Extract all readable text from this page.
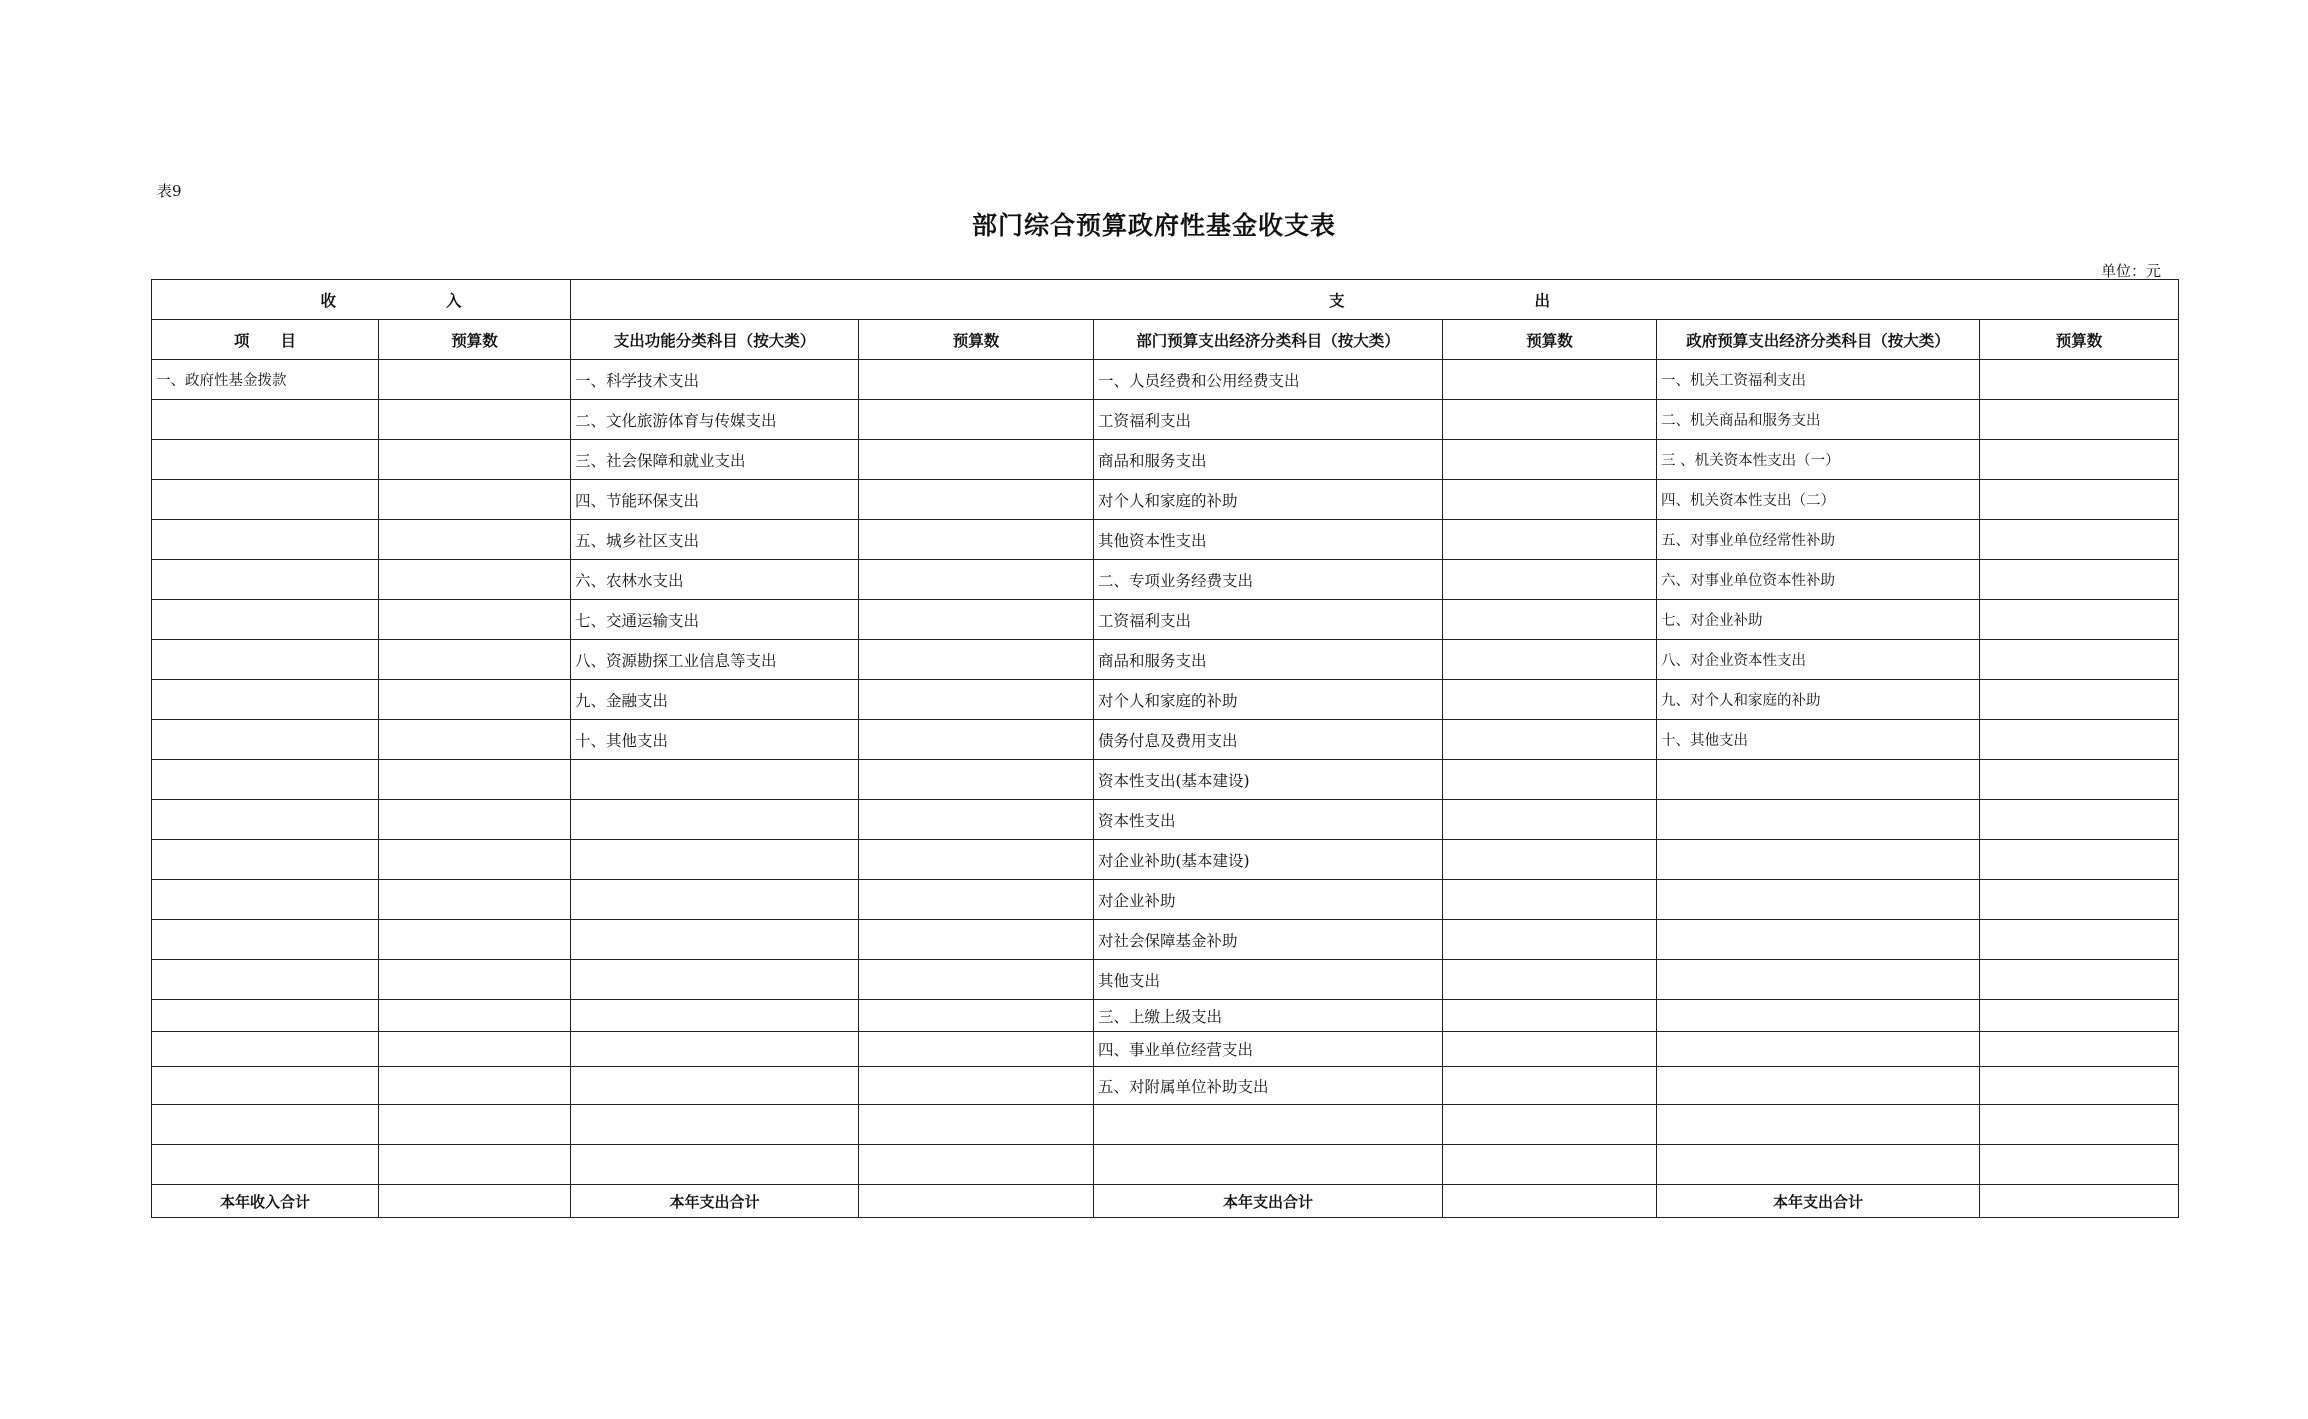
表9
部门综合预算政府性基金收支表
单位：元
收 入		支 出					
项　　目	预算数	支出功能分类科目（按大类）	预算数	部门预算支出经济分类科目（按大类）	预算数	政府预算支出经济分类科目（按大类）	预算数
一、政府性基金拨款		一、科学技术支出		一、人员经费和公用经费支出		一、机关工资福利支出	
		二、文化旅游体育与传媒支出		工资福利支出		二、机关商品和服务支出	
		三、社会保障和就业支出		商品和服务支出		三 、机关资本性支出（一）	
		四、节能环保支出		对个人和家庭的补助		四、机关资本性支出（二）	
		五、城乡社区支出		其他资本性支出		五、对事业单位经常性补助	
		六、农林水支出		二、专项业务经费支出		六、对事业单位资本性补助	
		七、交通运输支出		工资福利支出		七、对企业补助	
		八、资源勘探工业信息等支出		商品和服务支出		八、对企业资本性支出	
		九、金融支出		对个人和家庭的补助		九、对个人和家庭的补助	
		十、其他支出		债务付息及费用支出		十、其他支出	
				资本性支出(基本建设)			
				资本性支出			
				对企业补助(基本建设)			
				对企业补助			
				对社会保障基金补助			
				其他支出			
				三、上缴上级支出			
				四、事业单位经营支出			
				五、对附属单位补助支出			

本年收入合计		本年支出合计		本年支出合计		本年支出合计	
